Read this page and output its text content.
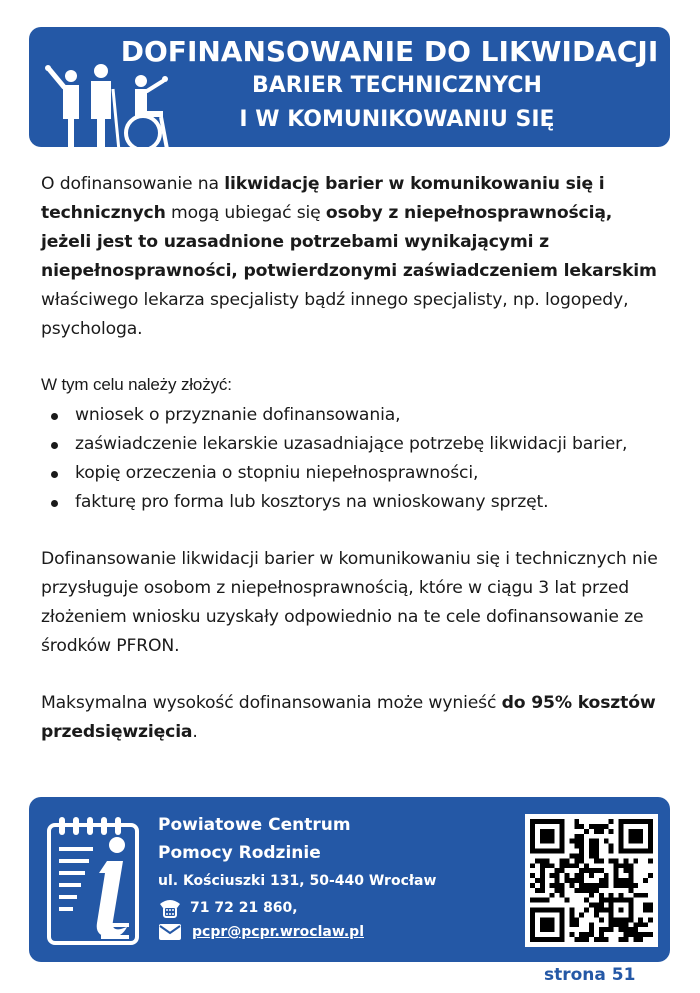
DOFINANSOWANIE DO LIKWIDACJI
BARIER TECHNICZNYCH
I W KOMUNIKOWANIU SIĘ

O dofinansowanie na likwidację barier w komunikowaniu się i technicznych mogą ubiegać się osoby z niepełnosprawnością, jeżeli jest to uzasadnione potrzebami wynikającymi z niepełnosprawności, potwierdzonymi zaświadczeniem lekarskim właściwego lekarza specjalisty bądź innego specjalisty, np. logopedy, psychologa.

W tym celu należy złożyć:

wniosek o przyznanie dofinansowania,
zaświadczenie lekarskie uzasadniające potrzebę likwidacji barier,
kopię orzeczenia o stopniu niepełnosprawności,
fakturę pro forma lub kosztorys na wnioskowany sprzęt.

Dofinansowanie likwidacji barier w komunikowaniu się i technicznych nie przysługuje osobom z niepełnosprawnością, które w ciągu 3 lat przed złożeniem wniosku uzyskały odpowiednio na te cele dofinansowanie ze środków PFRON.

Maksymalna wysokość dofinansowania może wynieść do 95% kosztów przedsięwzięcia.

Powiatowe Centrum
Pomocy Rodzinie
ul. Kościuszki 131, 50-440 Wrocław
71 72 21 860,
pcpr@pcpr.wroclaw.pl
strona 51
